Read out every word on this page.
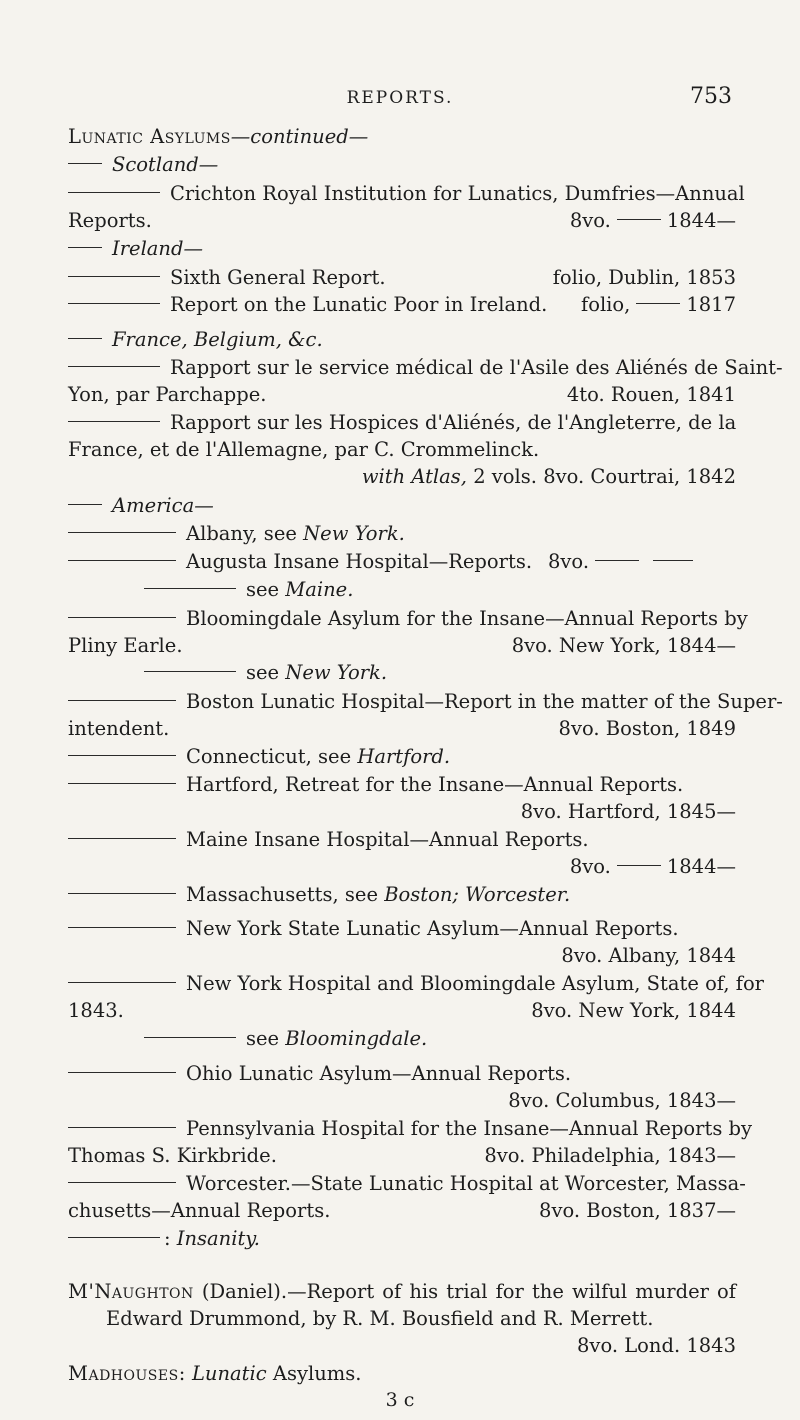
REPORTS.	753
Lunatic Asylums—continued—
Scotland—
Crichton Royal Institution for Lunatics, Dumfries—Annual
Reports.	8vo.	1844—
Ireland—
Sixth General Report.	folio, Dublin, 1853
Report on the Lunatic Poor in Ireland. folio,	1817
France, Belgium, &c.
Rapport sur le service médical de l'Asile des Aliénés de Saint-
Yon, par Parchappe.	4to. Rouen, 1841
Rapport sur les Hospices d'Aliénés, de l'Angleterre, de la
France, et de l'Allemagne, par C. Crommelinck.
with Atlas, 2 vols. 8vo. Courtrai, 1842
America—
Albany, see New York.
Augusta Insane Hospital—Reports. 8vo.
see Maine.
Bloomingdale Asylum for the Insane—Annual Reports by
Pliny Earle.	8vo. New York, 1844—
see New York.
Boston Lunatic Hospital—Report in the matter of the Super-
intendent.	8vo. Boston, 1849
Connecticut, see Hartford.
Hartford, Retreat for the Insane—Annual Reports.
8vo. Hartford, 1845—
Maine Insane Hospital—Annual Reports.
8vo.	1844—
Massachusetts, see Boston; Worcester.
New York State Lunatic Asylum—Annual Reports.
8vo. Albany, 1844
New York Hospital and Bloomingdale Asylum, State of, for
1843.	8vo. New York, 1844
see Bloomingdale.
Ohio Lunatic Asylum—Annual Reports.
8vo. Columbus, 1843—
Pennsylvania Hospital for the Insane—Annual Reports by
Thomas S. Kirkbride.	8vo. Philadelphia, 1843—
Worcester.—State Lunatic Hospital at Worcester, Massa-
chusetts—Annual Reports.	8vo. Boston, 1837—
: Insanity.
M'Naughton (Daniel).—Report of his trial for the wilful murder of
Edward Drummond, by R. M. Bousfield and R. Merrett.
8vo. Lond. 1843
Madhouses: Lunatic Asylums.
3 c
